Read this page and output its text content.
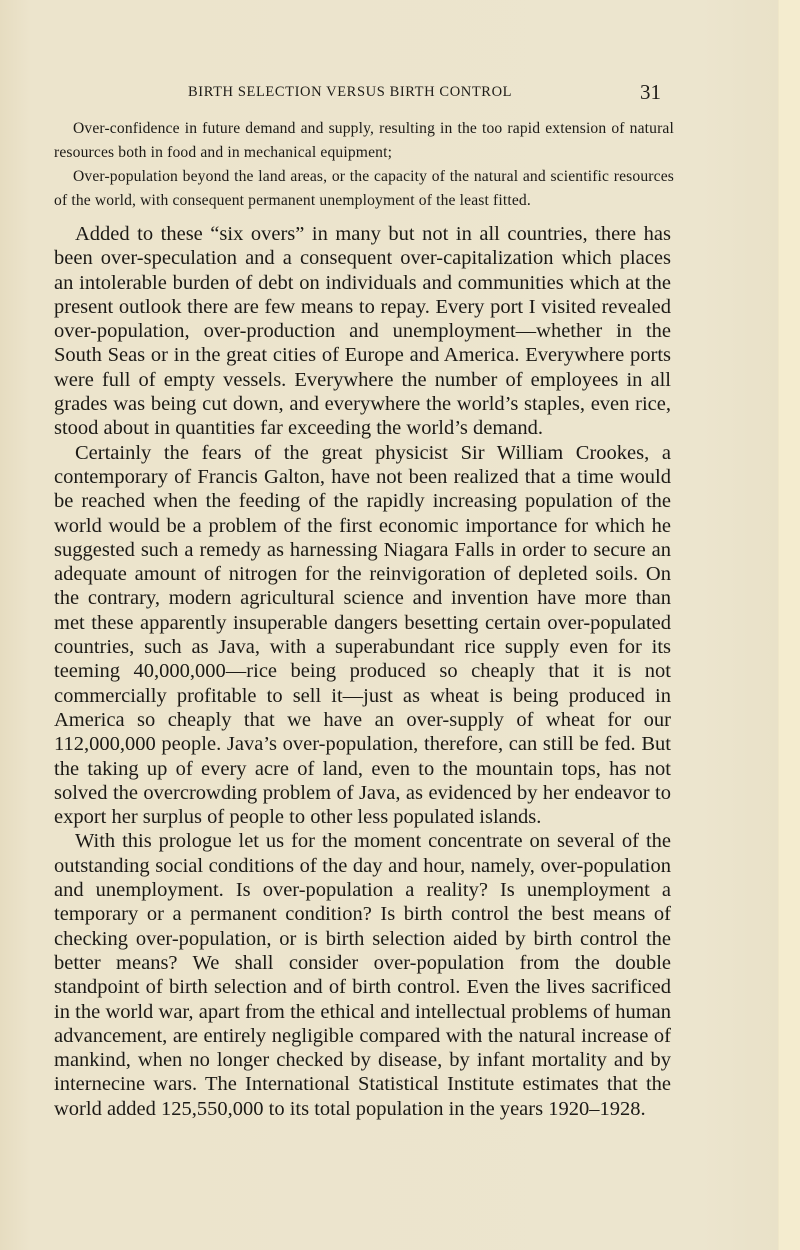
BIRTH SELECTION VERSUS BIRTH CONTROL	31

Over-confidence in future demand and supply, resulting in the too rapid extension of natural resources both in food and in mechanical equipment;

Over-population beyond the land areas, or the capacity of the natural and scientific resources of the world, with consequent permanent unemployment of the least fitted.

Added to these “six overs” in many but not in all countries, there has been over-speculation and a consequent over-capitalization which places an intolerable burden of debt on individuals and communities which at the present outlook there are few means to repay. Every port I visited revealed over-population, over-production and unemployment—whether in the South Seas or in the great cities of Europe and America. Everywhere ports were full of empty vessels. Everywhere the number of employees in all grades was being cut down, and everywhere the world’s staples, even rice, stood about in quantities far exceeding the world’s demand.

Certainly the fears of the great physicist Sir William Crookes, a contemporary of Francis Galton, have not been realized that a time would be reached when the feeding of the rapidly increasing population of the world would be a problem of the first economic importance for which he suggested such a remedy as harnessing Niagara Falls in order to secure an adequate amount of nitrogen for the reinvigoration of depleted soils. On the contrary, modern agricultural science and invention have more than met these apparently insuperable dangers besetting certain over-populated countries, such as Java, with a superabundant rice supply even for its teeming 40,000,000—rice being produced so cheaply that it is not commercially profitable to sell it—just as wheat is being produced in America so cheaply that we have an over-supply of wheat for our 112,000,000 people. Java’s over-population, therefore, can still be fed. But the taking up of every acre of land, even to the mountain tops, has not solved the overcrowding problem of Java, as evidenced by her endeavor to export her surplus of people to other less populated islands.

With this prologue let us for the moment concentrate on several of the outstanding social conditions of the day and hour, namely, over-population and unemployment. Is over-population a reality? Is unemployment a temporary or a permanent condition? Is birth control the best means of checking over-population, or is birth selection aided by birth control the better means? We shall consider over-population from the double standpoint of birth selection and of birth control. Even the lives sacrificed in the world war, apart from the ethical and intellectual problems of human advancement, are entirely negligible compared with the natural increase of mankind, when no longer checked by disease, by infant mortality and by internecine wars. The International Statistical Institute estimates that the world added 125,550,000 to its total population in the years 1920–1928.
